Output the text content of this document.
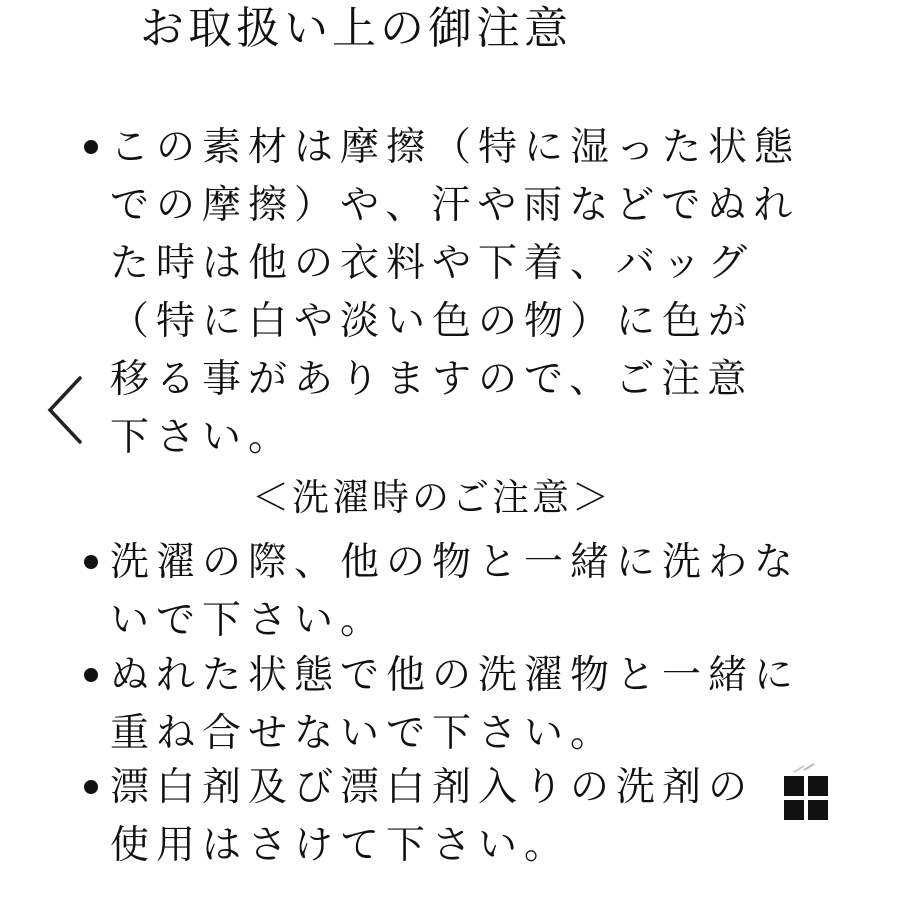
お取扱い上の御注意
この素材は摩擦（特に湿った状態
での摩擦）や、汗や雨などでぬれ
た時は他の衣料や下着、バッグ
（特に白や淡い色の物）に色が
移る事がありますので、ご注意
下さい。
＜洗濯時のご注意＞
洗濯の際、他の物と一緒に洗わな
いで下さい。
ぬれた状態で他の洗濯物と一緒に
重ね合せないで下さい。
漂白剤及び漂白剤入りの洗剤の
使用はさけて下さい。
